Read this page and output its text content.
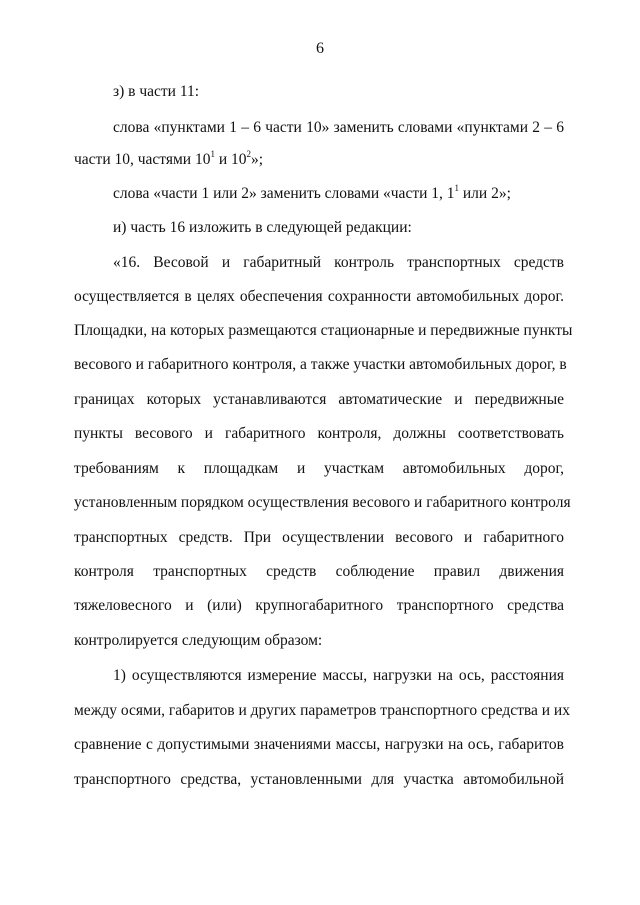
6
з) в части 11:
слова «пунктами 1 – 6 части 10» заменить словами «пунктами 2 – 6
части 10, частями $10^1$ и $10^2$»;
слова «части 1 или 2» заменить словами «части 1, $1^1$ или 2»;
и) часть 16 изложить в следующей редакции:
«16. Весовой и габаритный контроль транспортных средств
осуществляется в целях обеспечения сохранности автомобильных дорог.
Площадки, на которых размещаются стационарные и передвижные пункты
весового и габаритного контроля, а также участки автомобильных дорог, в
границах которых устанавливаются автоматические и передвижные
пункты весового и габаритного контроля, должны соответствовать
требованиям к площадкам и участкам автомобильных дорог,
установленным порядком осуществления весового и габаритного контроля
транспортных средств. При осуществлении весового и габаритного
контроля транспортных средств соблюдение правил движения
тяжеловесного и (или) крупногабаритного транспортного средства
контролируется следующим образом:
1) осуществляются измерение массы, нагрузки на ось, расстояния
между осями, габаритов и других параметров транспортного средства и их
сравнение с допустимыми значениями массы, нагрузки на ось, габаритов
транспортного средства, установленными для участка автомобильной
